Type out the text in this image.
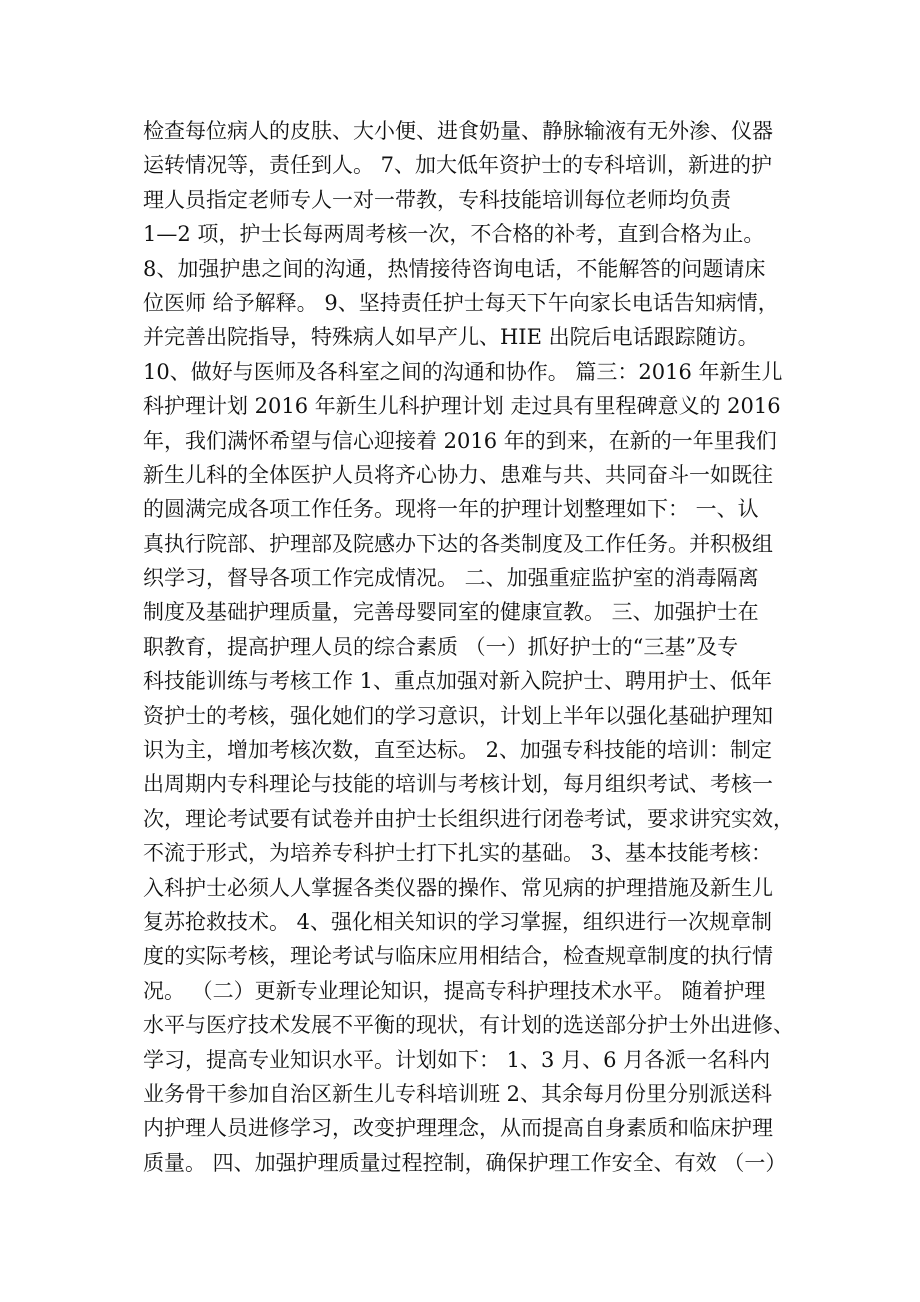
检查每位病人的皮肤、大小便、进食奶量、静脉输液有无外渗、仪器
运转情况等，责任到人。 7、加大低年资护士的专科培训，新进的护
理人员指定老师专人一对一带教，专科技能培训每位老师均负责
1—2 项，护士长每两周考核一次，不合格的补考，直到合格为止。
8、加强护患之间的沟通，热情接待咨询电话，不能解答的问题请床
位医师 给予解释。 9、坚持责任护士每天下午向家长电话告知病情，
并完善出院指导，特殊病人如早产儿、HIE 出院后电话跟踪随访。
10、做好与医师及各科室之间的沟通和协作。 篇三：2016 年新生儿
科护理计划 2016 年新生儿科护理计划 走过具有里程碑意义的 2016
年，我们满怀希望与信心迎接着 2016 年的到来，在新的一年里我们
新生儿科的全体医护人员将齐心协力、患难与共、共同奋斗一如既往
的圆满完成各项工作任务。现将一年的护理计划整理如下： 一、认
真执行院部、护理部及院感办下达的各类制度及工作任务。并积极组
织学习，督导各项工作完成情况。 二、加强重症监护室的消毒隔离
制度及基础护理质量，完善母婴同室的健康宣教。 三、加强护士在
职教育，提高护理人员的综合素质 （一）抓好护士的“三基”及专
科技能训练与考核工作 1、重点加强对新入院护士、聘用护士、低年
资护士的考核，强化她们的学习意识，计划上半年以强化基础护理知
识为主，增加考核次数，直至达标。 2、加强专科技能的培训：制定
出周期内专科理论与技能的培训与考核计划，每月组织考试、考核一
次，理论考试要有试卷并由护士长组织进行闭卷考试，要求讲究实效，
不流于形式，为培养专科护士打下扎实的基础。 3、基本技能考核：
入科护士必须人人掌握各类仪器的操作、常见病的护理措施及新生儿
复苏抢救技术。 4、强化相关知识的学习掌握，组织进行一次规章制
度的实际考核，理论考试与临床应用相结合，检查规章制度的执行情
况。 （二）更新专业理论知识，提高专科护理技术水平。 随着护理
水平与医疗技术发展不平衡的现状，有计划的选送部分护士外出进修、
学习，提高专业知识水平。计划如下： 1、3 月、6 月各派一名科内
业务骨干参加自治区新生儿专科培训班 2、其余每月份里分别派送科
内护理人员进修学习，改变护理理念，从而提高自身素质和临床护理
质量。 四、加强护理质量过程控制，确保护理工作安全、有效 （一）
